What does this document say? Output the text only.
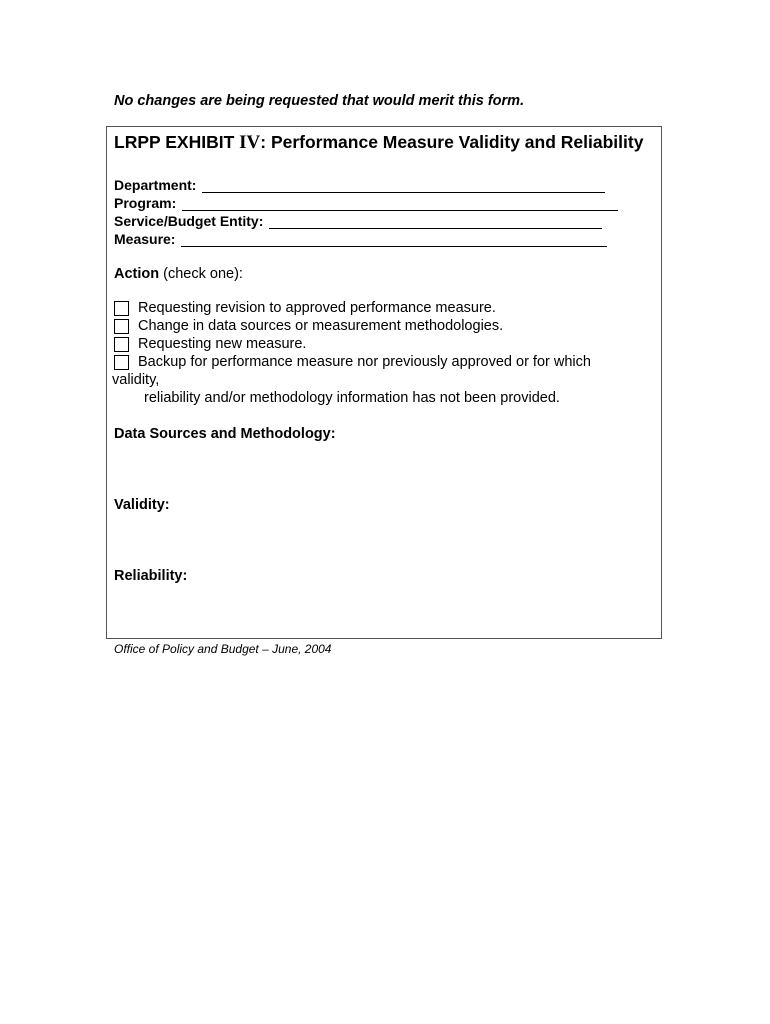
No changes are being requested that would merit this form.
LRPP EXHIBIT IV: Performance Measure Validity and Reliability
Department:
Program:
Service/Budget Entity:
Measure:
Action (check one):
Requesting revision to approved performance measure.
Change in data sources or measurement methodologies.
Requesting new measure.
Backup for performance measure nor previously approved or for which
validity,
reliability and/or methodology information has not been provided.
Data Sources and Methodology:
Validity:
Reliability:
Office of Policy and Budget – June, 2004
